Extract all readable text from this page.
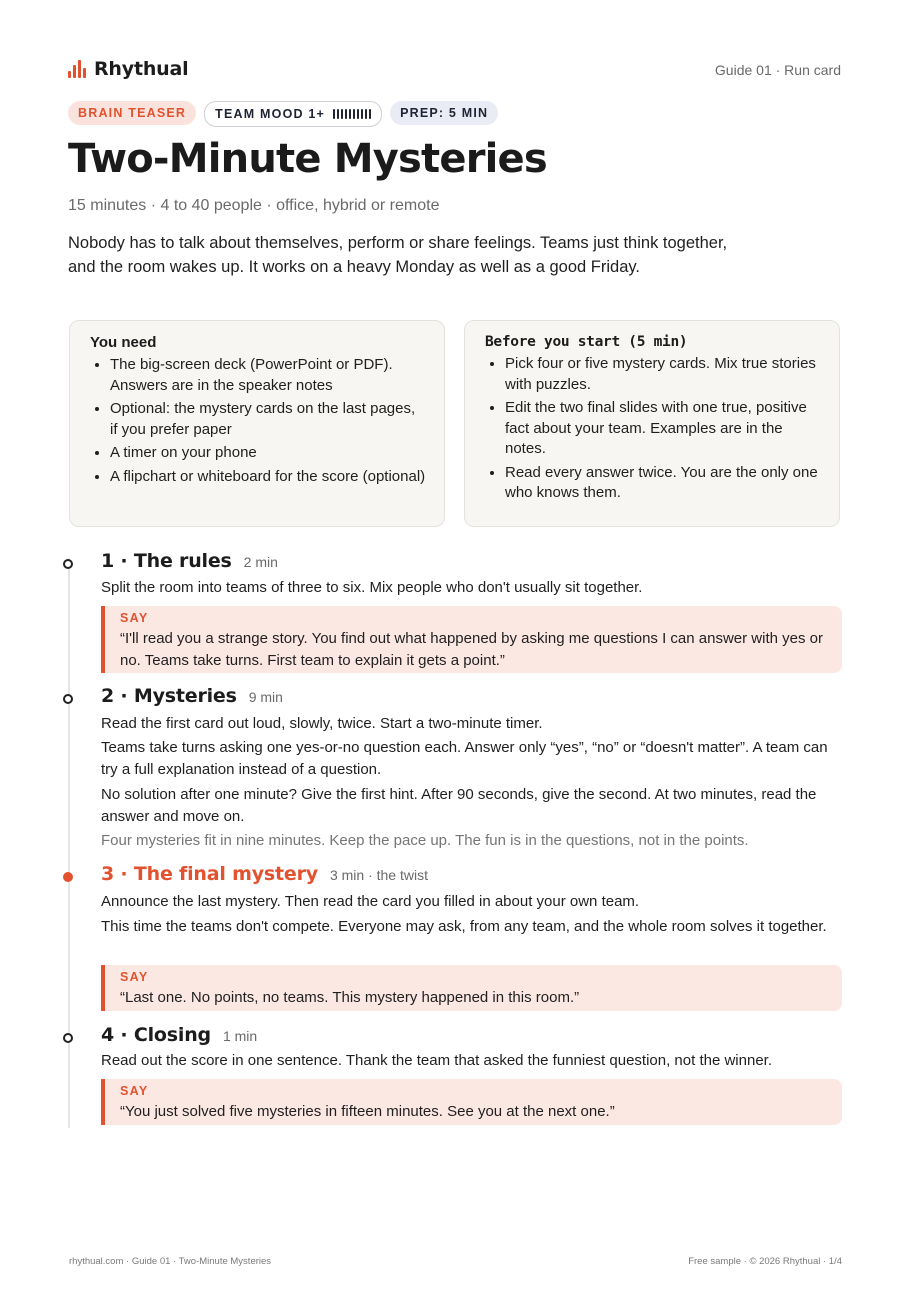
Rhythual	Guide 01 · Run card
BRAIN TEASER TEAM MOOD 1+	PREP: 5 MIN
Two-Minute Mysteries
15 minutes · 4 to 40 people · office, hybrid or remote
Nobody has to talk about themselves, perform or share feelings. Teams just think together, and the room wakes up. It works on a heavy Monday as well as a good Friday.
You need
• The big-screen deck (PowerPoint or PDF). Answers are in the speaker notes
• Optional: the mystery cards on the last pages, if you prefer paper
• A timer on your phone
• A flipchart or whiteboard for the score (optional)
Before you start (5 min)
• Pick four or five mystery cards. Mix true stories with puzzles.
• Edit the two final slides with one true, positive fact about your team. Examples are in the notes.
• Read every answer twice. You are the only one who knows them.
1 · The rules 2 min
Split the room into teams of three to six. Mix people who don't usually sit together.
SAY
“I'll read you a strange story. You find out what happened by asking me questions I can answer with yes or no. Teams take turns. First team to explain it gets a point.”
2 · Mysteries 9 min
Read the first card out loud, slowly, twice. Start a two-minute timer.
Teams take turns asking one yes-or-no question each. Answer only “yes”, “no” or “doesn't matter”. A team can try a full explanation instead of a question.
No solution after one minute? Give the first hint. After 90 seconds, give the second. At two minutes, read the answer and move on.
Four mysteries fit in nine minutes. Keep the pace up. The fun is in the questions, not in the points.
3 · The final mystery 3 min · the twist
Announce the last mystery. Then read the card you filled in about your own team.
This time the teams don't compete. Everyone may ask, from any team, and the whole room solves it together.
SAY
“Last one. No points, no teams. This mystery happened in this room.”
4 · Closing 1 min
Read out the score in one sentence. Thank the team that asked the funniest question, not the winner.
SAY
“You just solved five mysteries in fifteen minutes. See you at the next one.”
rhythual.com · Guide 01 · Two-Minute Mysteries	Free sample · © 2026 Rhythual · 1/4
